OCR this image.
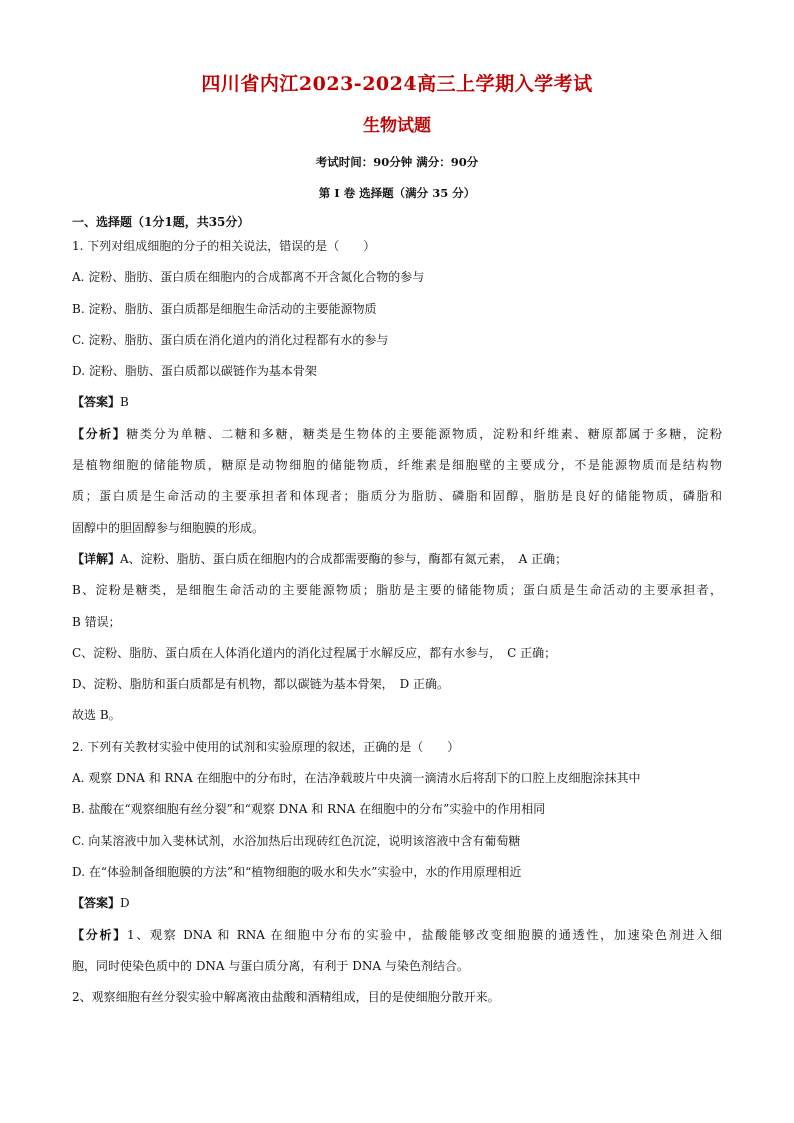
四川省内江2023-2024高三上学期入学考试
生物试题
考试时间：90分钟 满分：90分
第 I 卷 选择题（满分 35 分）
一、选择题（1分1题，共35分）

1. 下列对组成细胞的分子的相关说法，错误的是（　　）

A. 淀粉、脂肪、蛋白质在细胞内的合成都离不开含氮化合物的参与

B. 淀粉、脂肪、蛋白质都是细胞生命活动的主要能源物质

C. 淀粉、脂肪、蛋白质在消化道内的消化过程都有水的参与

D. 淀粉、脂肪、蛋白质都以碳链作为基本骨架

【答案】B

【分析】糖类分为单糖、二糖和多糖，糖类是生物体的主要能源物质，淀粉和纤维素、糖原都属于多糖，淀粉

是植物细胞的储能物质，糖原是动物细胞的储能物质，纤维素是细胞壁的主要成分，不是能源物质而是结构物

质；蛋白质是生命活动的主要承担者和体现者；脂质分为脂肪、磷脂和固醇，脂肪是良好的储能物质，磷脂和

固醇中的胆固醇参与细胞膜的形成。

【详解】A、淀粉、脂肪、蛋白质在细胞内的合成都需要酶的参与，酶都有氮元素，　A 正确；

B、淀粉是糖类，是细胞生命活动的主要能源物质；脂肪是主要的储能物质；蛋白质是生命活动的主要承担者，

B 错误；

C、淀粉、脂肪、蛋白质在人体消化道内的消化过程属于水解反应，都有水参与，　C 正确；

D、淀粉、脂肪和蛋白质都是有机物，都以碳链为基本骨架，　D 正确。

故选 B。

2. 下列有关教材实验中使用的试剂和实验原理的叙述，正确的是（　　）

A. 观察 DNA 和 RNA 在细胞中的分布时，在洁净载玻片中央滴一滴清水后将刮下的口腔上皮细胞涂抹其中

B. 盐酸在“观察细胞有丝分裂”和“观察 DNA 和 RNA 在细胞中的分布”实验中的作用相同

C. 向某溶液中加入斐林试剂，水浴加热后出现砖红色沉淀，说明该溶液中含有葡萄糖

D. 在“体验制备细胞膜的方法”和“植物细胞的吸水和失水”实验中，水的作用原理相近

【答案】D

【分析】1、观察 DNA 和 RNA 在细胞中分布的实验中，盐酸能够改变细胞膜的通透性，加速染色剂进入细

胞，同时使染色质中的 DNA 与蛋白质分离，有利于 DNA 与染色剂结合。

2、观察细胞有丝分裂实验中解离液由盐酸和酒精组成，目的是使细胞分散开来。
